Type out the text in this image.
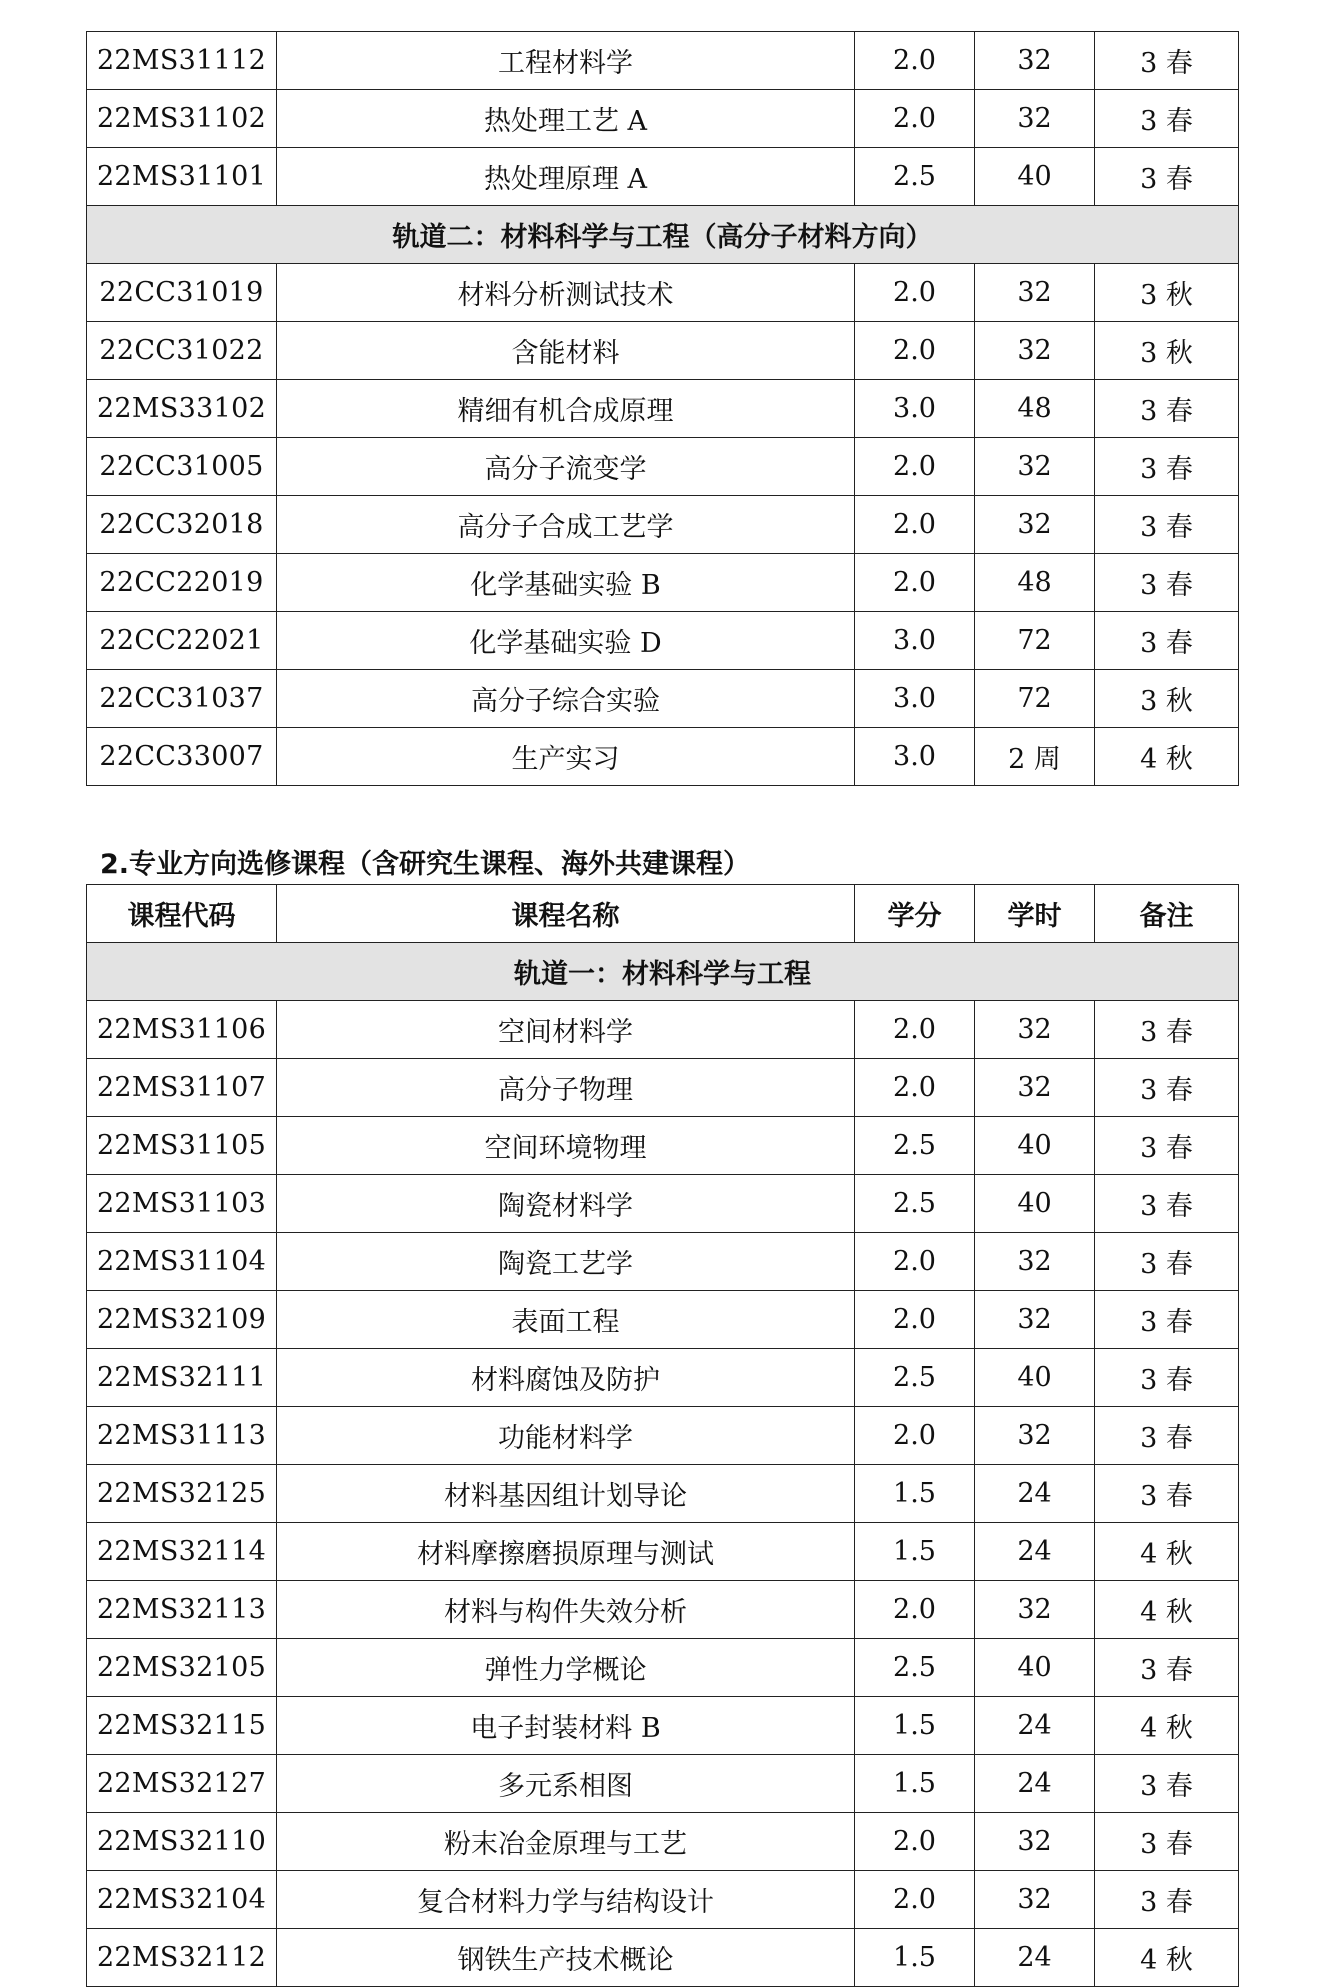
22MS31112	工程材料学	2.0	32	3 春
22MS31102	热处理工艺 A	2.0	32	3 春
22MS31101	热处理原理 A	2.5	40	3 春
轨道二：材料科学与工程（高分子材料方向）				
22CC31019	材料分析测试技术	2.0	32	3 秋
22CC31022	含能材料	2.0	32	3 秋
22MS33102	精细有机合成原理	3.0	48	3 春
22CC31005	高分子流变学	2.0	32	3 春
22CC32018	高分子合成工艺学	2.0	32	3 春
22CC22019	化学基础实验 B	2.0	48	3 春
22CC22021	化学基础实验 D	3.0	72	3 春
22CC31037	高分子综合实验	3.0	72	3 秋
22CC33007	生产实习	3.0	2 周	4 秋
2.专业方向选修课程（含研究生课程、海外共建课程）
课程代码	课程名称	学分	学时	备注
轨道一：材料科学与工程				
22MS31106	空间材料学	2.0	32	3 春
22MS31107	高分子物理	2.0	32	3 春
22MS31105	空间环境物理	2.5	40	3 春
22MS31103	陶瓷材料学	2.5	40	3 春
22MS31104	陶瓷工艺学	2.0	32	3 春
22MS32109	表面工程	2.0	32	3 春
22MS32111	材料腐蚀及防护	2.5	40	3 春
22MS31113	功能材料学	2.0	32	3 春
22MS32125	材料基因组计划导论	1.5	24	3 春
22MS32114	材料摩擦磨损原理与测试	1.5	24	4 秋
22MS32113	材料与构件失效分析	2.0	32	4 秋
22MS32105	弹性力学概论	2.5	40	3 春
22MS32115	电子封装材料 B	1.5	24	4 秋
22MS32127	多元系相图	1.5	24	3 春
22MS32110	粉末冶金原理与工艺	2.0	32	3 春
22MS32104	复合材料力学与结构设计	2.0	32	3 春
22MS32112	钢铁生产技术概论	1.5	24	4 秋
